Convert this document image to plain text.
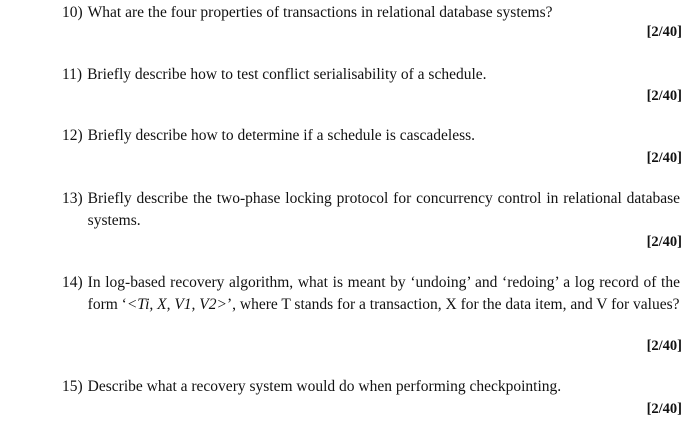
10) What are the four properties of transactions in relational database systems?
[2/40]
11) Briefly describe how to test conflict serialisability of a schedule.
[2/40]
12) Briefly describe how to determine if a schedule is cascadeless.
[2/40]
13) Briefly describe the two-phase locking protocol for concurrency control in relational database systems.
[2/40]
14) In log-based recovery algorithm, what is meant by ‘undoing’ and ‘redoing’ a log record of the form ‘<Ti, X, V1, V2>’, where T stands for a transaction, X for the data item, and V for values?
[2/40]
15) Describe what a recovery system would do when performing checkpointing.
[2/40]
